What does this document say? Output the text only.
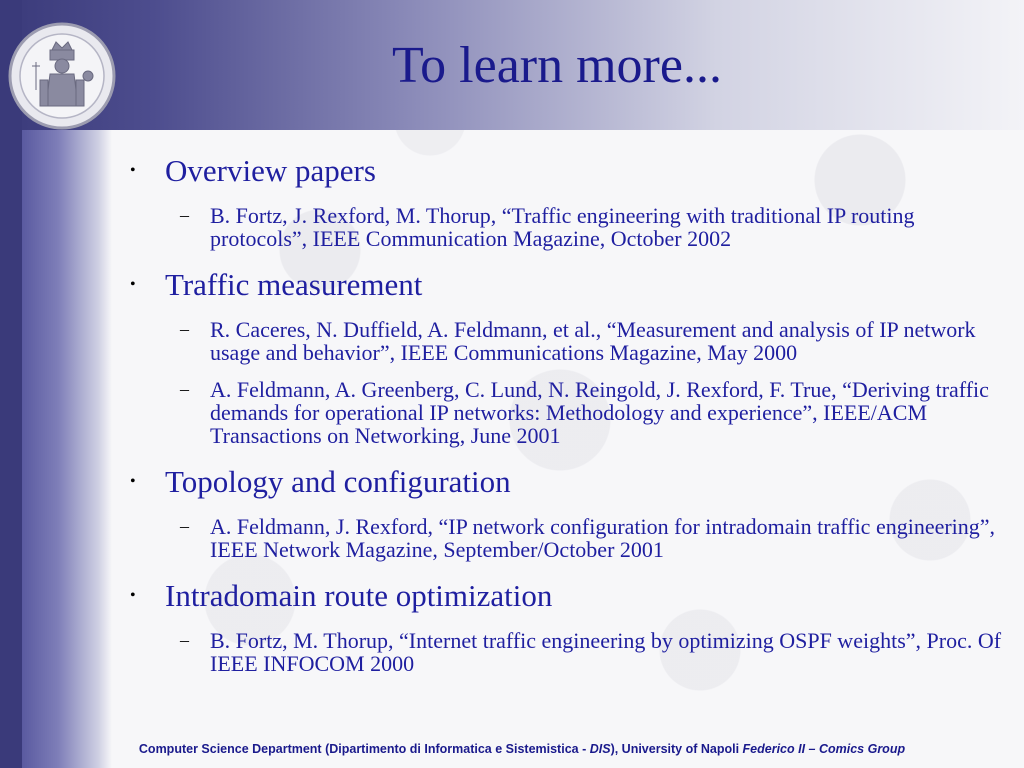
To learn more...
• Overview papers
– B. Fortz, J. Rexford, M. Thorup, “Traffic engineering with traditional IP routing protocols”, IEEE Communication Magazine, October 2002
• Traffic measurement
– R. Caceres, N. Duffield, A. Feldmann, et al., “Measurement and analysis of IP network usage and behavior”, IEEE Communications Magazine, May 2000
– A. Feldmann, A. Greenberg, C. Lund, N. Reingold, J. Rexford, F. True, “Deriving traffic demands for operational IP networks: Methodology and experience”, IEEE/ACM Transactions on Networking, June 2001
• Topology and configuration
– A. Feldmann, J. Rexford, “IP network configuration for intradomain traffic engineering”, IEEE Network Magazine, September/October 2001
• Intradomain route optimization
– B. Fortz, M. Thorup, “Internet traffic engineering by optimizing OSPF weights”, Proc. Of IEEE INFOCOM 2000
Computer Science Department (Dipartimento di Informatica e Sistemistica - DIS), University of Napoli Federico II – Comics Group
